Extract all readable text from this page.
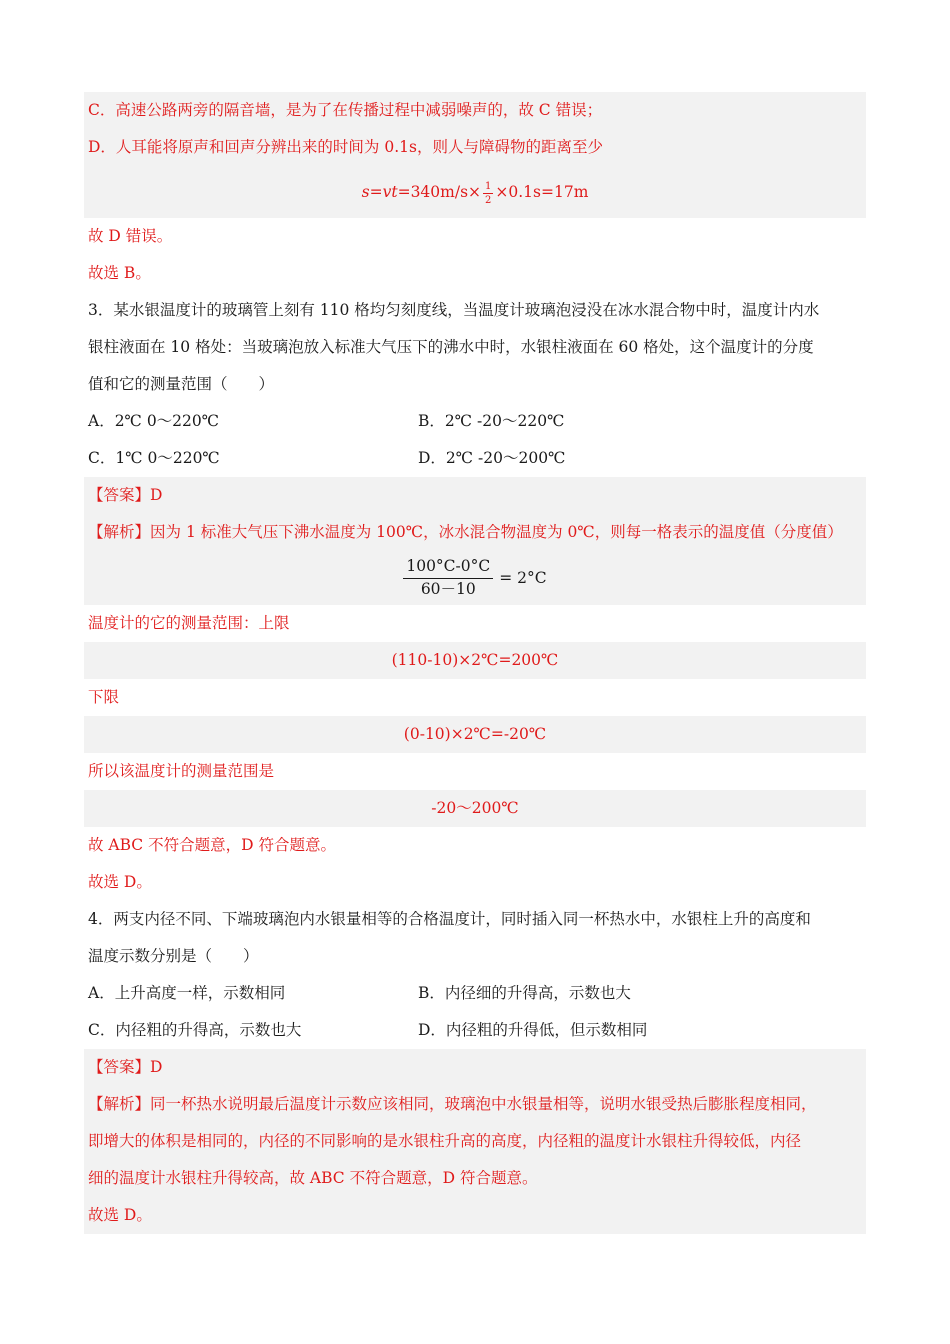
C．高速公路两旁的隔音墙，是为了在传播过程中减弱噪声的，故 C 错误；
D．人耳能将原声和回声分辨出来的时间为 0.1s，则人与障碍物的距离至少
$s=vt=340m/s\times \frac{1}{2} \times 0.1s=17m$
故 D 错误。
故选 B。
3．某水银温度计的玻璃管上刻有 110 格均匀刻度线，当温度计玻璃泡浸没在冰水混合物中时，温度计内水
银柱液面在 10 格处：当玻璃泡放入标准大气压下的沸水中时，水银柱液面在 60 格处，这个温度计的分度
值和它的测量范围（　　）
A．2℃ 0～220℃	B．2℃ -20～220℃
C．1℃ 0～220℃	D．2℃ -20～200℃
【答案】D
【解析】因为 1 标准大气压下沸水温度为 100℃，冰水混合物温度为 0℃，则每一格表示的温度值（分度值）
$\frac{100^\circ C-0^\circ C}{60-10} = 2^\circ C$
温度计的它的测量范围：上限
(110-10)×2℃=200℃
下限
(0-10)×2℃=-20℃
所以该温度计的测量范围是
-20～200℃
故 ABC 不符合题意，D 符合题意。
故选 D。
4．两支内径不同、下端玻璃泡内水银量相等的合格温度计，同时插入同一杯热水中，水银柱上升的高度和
温度示数分别是（　　）
A．上升高度一样，示数相同	B．内径细的升得高，示数也大
C．内径粗的升得高，示数也大	D．内径粗的升得低，但示数相同
【答案】D
【解析】同一杯热水说明最后温度计示数应该相同，玻璃泡中水银量相等，说明水银受热后膨胀程度相同，
即增大的体积是相同的，内径的不同影响的是水银柱升高的高度，内径粗的温度计水银柱升得较低，内径
细的温度计水银柱升得较高，故 ABC 不符合题意，D 符合题意。
故选 D。
